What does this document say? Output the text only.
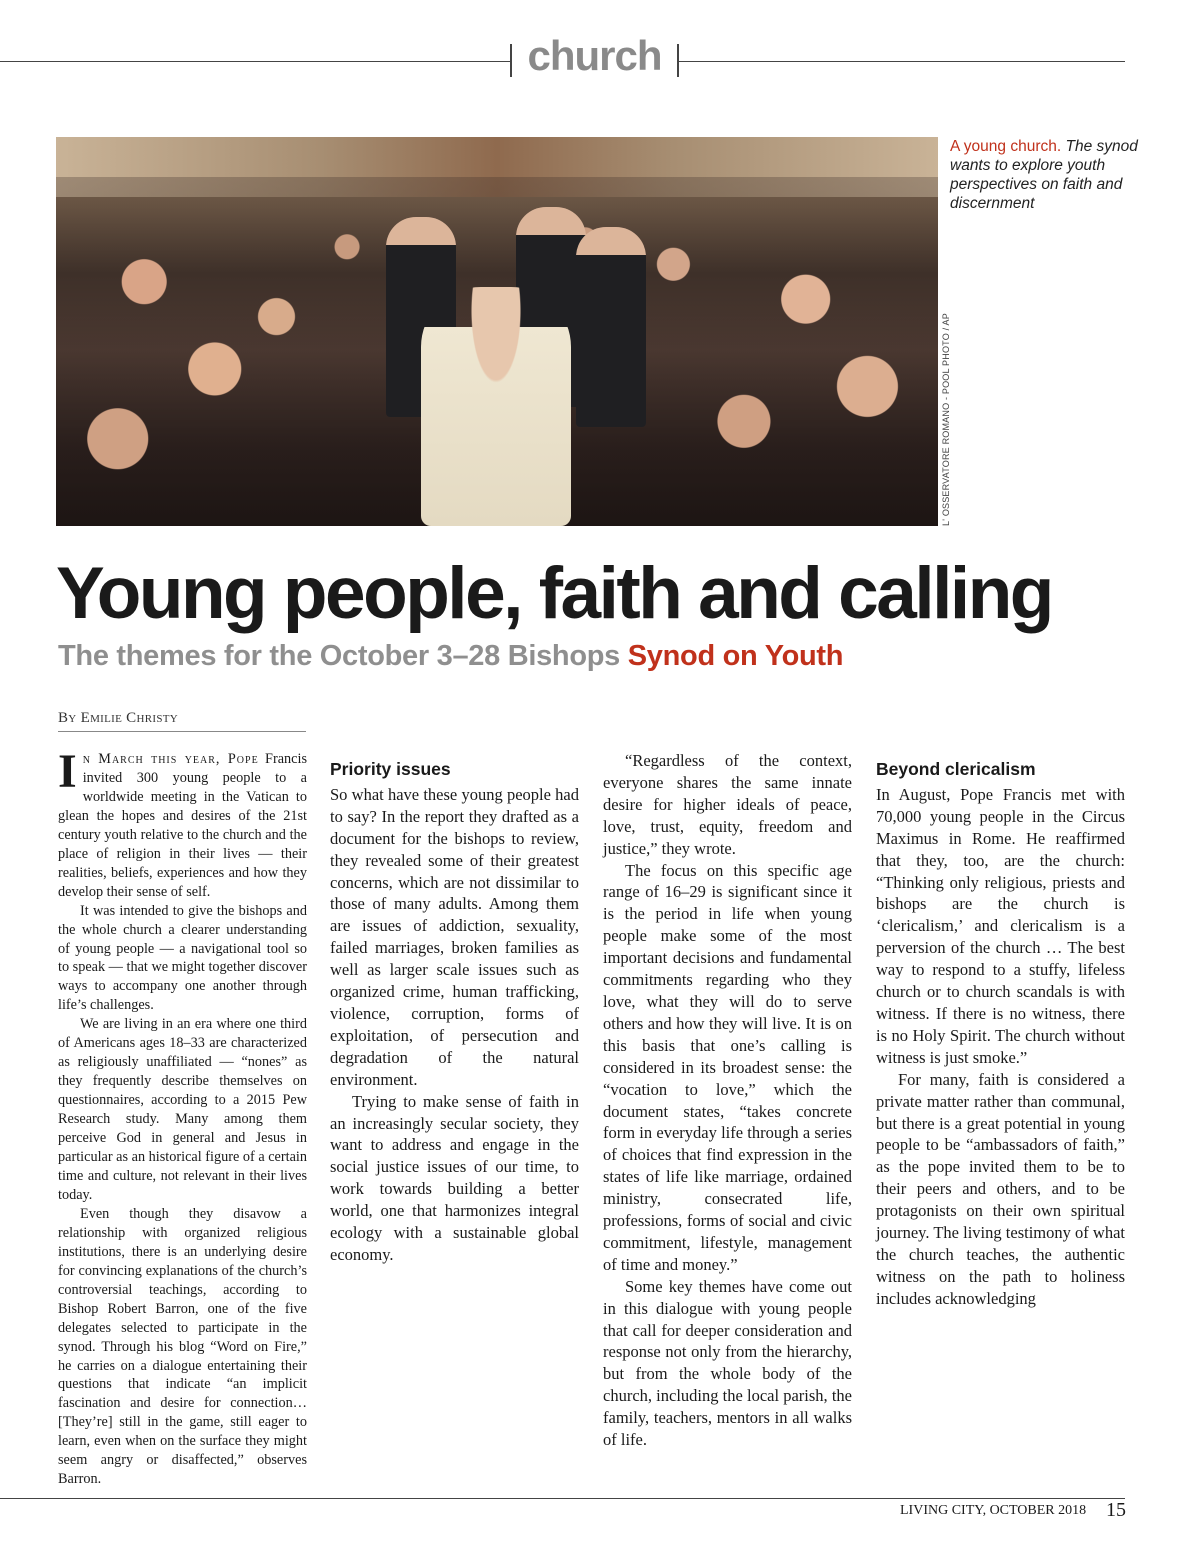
church
L' OSSERVATORE ROMANO - POOL PHOTO / AP
A young church. The synod wants to explore youth perspectives on faith and discernment
Young people, faith and calling
The themes for the October 3–28 Bishops Synod on Youth
By Emilie Christy

In March this year, Pope Francis invited 300 young people to a worldwide meeting in the Vatican to glean the hopes and desires of the 21st century youth relative to the church and the place of religion in their lives — their realities, beliefs, experiences and how they develop their sense of self.

It was intended to give the bishops and the whole church a clearer understanding of young people — a navigational tool so to speak — that we might together discover ways to accompany one another through life’s challenges.

We are living in an era where one third of Americans ages 18–33 are characterized as religiously unaffiliated — “nones” as they frequently describe themselves on questionnaires, according to a 2015 Pew Research study. Many among them perceive God in general and Jesus in particular as an historical figure of a certain time and culture, not relevant in their lives today.

Even though they disavow a relationship with organized religious institutions, there is an underlying desire for convincing explanations of the church’s controversial teachings, according to Bishop Robert Barron, one of the five delegates selected to participate in the synod. Through his blog “Word on Fire,” he carries on a dialogue entertaining their questions that indicate “an implicit fascination and desire for connection… [They’re] still in the game, still eager to learn, even when on the surface they might seem angry or disaffected,” observes Barron.

Priority issues

So what have these young people had to say? In the report they drafted as a document for the bishops to review, they revealed some of their greatest concerns, which are not dissimilar to those of many adults. Among them are issues of addiction, sexuality, failed marriages, broken families as well as larger scale issues such as organized crime, human trafficking, violence, corruption, forms of exploitation, of persecution and degradation of the natural environment.

Trying to make sense of faith in an increasingly secular society, they want to address and engage in the social justice issues of our time, to work towards building a better world, one that harmonizes integral ecology with a sustainable global economy.

“Regardless of the context, everyone shares the same innate desire for higher ideals of peace, love, trust, equity, freedom and justice,” they wrote.

The focus on this specific age range of 16–29 is significant since it is the period in life when young people make some of the most important decisions and fundamental commitments regarding who they love, what they will do to serve others and how they will live. It is on this basis that one’s calling is considered in its broadest sense: the “vocation to love,” which the document states, “takes concrete form in everyday life through a series of choices that find expression in the states of life like marriage, ordained ministry, consecrated life, professions, forms of social and civic commitment, lifestyle, management of time and money.”

Some key themes have come out in this dialogue with young people that call for deeper consideration and response not only from the hierarchy, but from the whole body of the church, including the local parish, the family, teachers, mentors in all walks of life.

Beyond clericalism

In August, Pope Francis met with 70,000 young people in the Circus Maximus in Rome. He reaffirmed that they, too, are the church: “Thinking only religious, priests and bishops are the church is ‘clericalism,’ and clericalism is a perversion of the church … The best way to respond to a stuffy, lifeless church or to church scandals is with witness. If there is no witness, there is no Holy Spirit. The church without witness is just smoke.”

For many, faith is considered a private matter rather than communal, but there is a great potential in young people to be “ambassadors of faith,” as the pope invited them to be to their peers and others, and to be protagonists on their own spiritual journey. The living testimony of what the church teaches, the authentic witness on the path to holiness includes acknowledging

LIVING CITY, OCTOBER 2018 15
